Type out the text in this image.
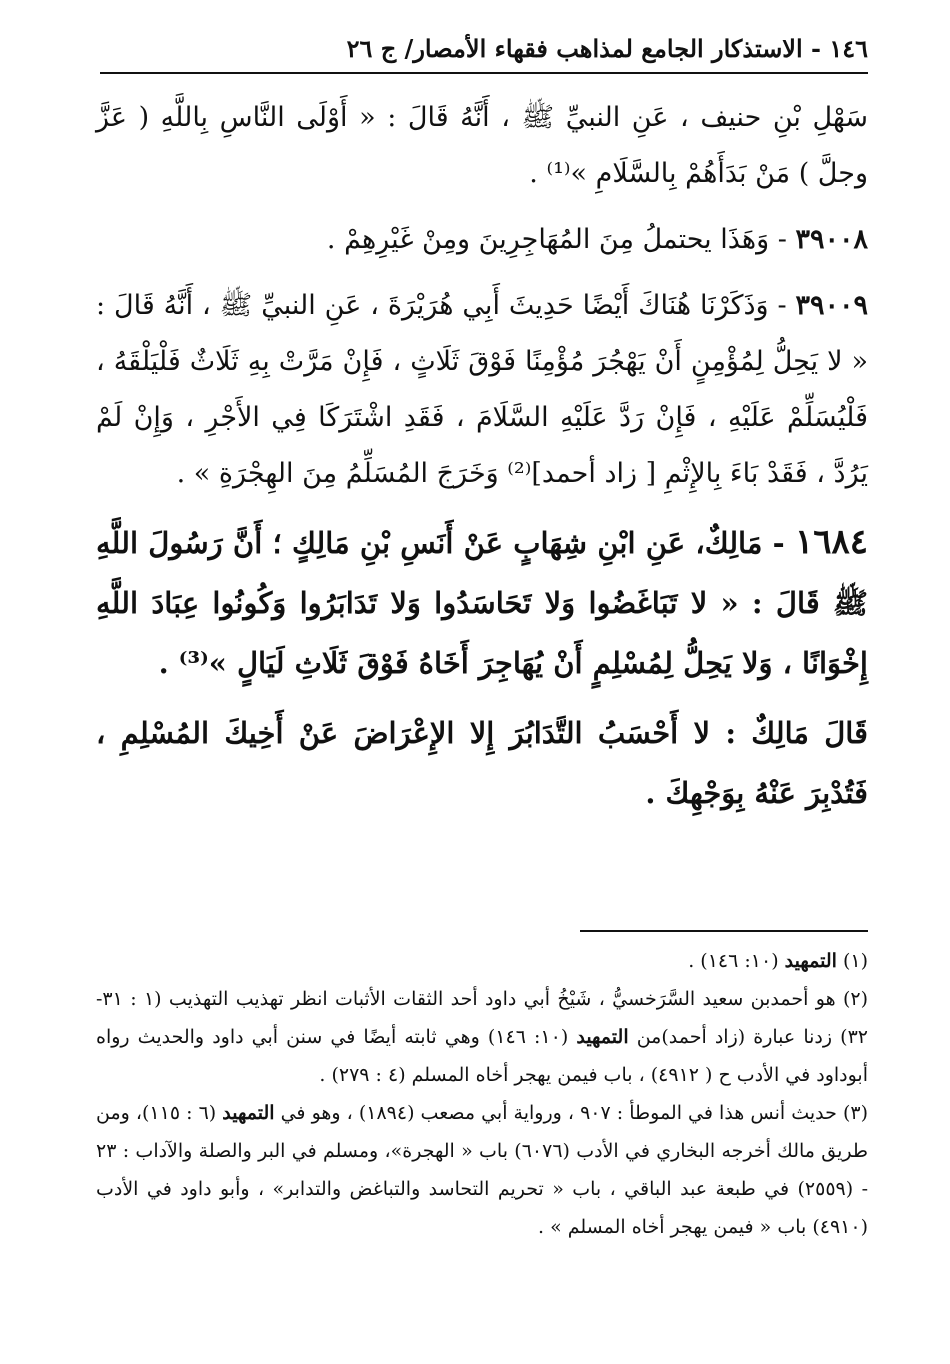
١٤٦ - الاستذكار الجامع لمذاهب فقهاء الأمصار/ ج ٢٦

سَهْلِ بْنِ حنيف ، عَنِ النبيِّ ﷺ ، أَنَّهُ قَالَ : « أَوْلَى النَّاسِ بِاللَّهِ ( عَزَّ وجلَّ ) مَنْ بَدَأَهُمْ بِالسَّلَامِ »⁽¹⁾ .

٣٩٠٠٨ - وَهَذَا يحتملُ مِنَ المُهَاجِرِينَ ومِنْ غَيْرِهِمْ .

٣٩٠٠٩ - وَذَكَرْنَا هُنَاكَ أَيْضًا حَدِيثَ أَبِي هُرَيْرَةَ ، عَنِ النبيِّ ﷺ ، أَنَّهُ قَالَ : « لا يَحِلُّ لِمُؤْمِنٍ أَنْ يَهْجُرَ مُؤْمِنًا فَوْقَ ثَلَاثٍ ، فَإِنْ مَرَّتْ بِهِ ثَلَاثٌ فَلْيَلْقَهُ ، فَلْيُسَلِّمْ عَلَيْهِ ، فَإِنْ رَدَّ عَلَيْهِ السَّلَامَ ، فَقَدِ اشْتَرَكَا فِي الأَجْرِ ، وَإِنْ لَمْ يَرُدَّ ، فَقَدْ بَاءَ بِالإِثْمِ [ زاد أحمد]⁽²⁾ وَخَرَجَ المُسَلِّمُ مِنَ الهِجْرَةِ » .

١٦٨٤ - مَالِكٌ، عَنِ ابْنِ شِهَابٍ عَنْ أَنَسِ بْنِ مَالِكٍ ؛ أَنَّ رَسُولَ اللَّهِ ﷺ قَالَ : « لا تَبَاغَضُوا وَلا تَحَاسَدُوا وَلا تَدَابَرُوا وَكُونُوا عِبَادَ اللَّهِ إِخْوَانًا ، وَلا يَحِلُّ لِمُسْلِمٍ أَنْ يُهَاجِرَ أَخَاهُ فَوْقَ ثَلَاثِ لَيَالٍ »⁽³⁾ .

قَالَ مَالِكٌ : لا أَحْسَبُ التَّدَابُرَ إِلا الإِعْرَاضَ عَنْ أَخِيكَ المُسْلِمِ ، فَتُدْبِرَ عَنْهُ بِوَجْهِكَ .

(١) التمهيد (١٠: ١٤٦) .

(٢) هو أحمدبن سعيد السَّرَخسيُّ ، شَيْخُ أبي داود أحد الثقات الأثبات انظر تهذيب التهذيب (١ : ٣١- ٣٢) زدنا عبارة (زاد أحمد)من التمهيد (١٠: ١٤٦) وهي ثابته أيضًا في سنن أبي داود والحديث رواه أبوداود في الأدب ح ( ٤٩١٢) ، باب فيمن يهجر أخاه المسلم (٤ : ٢٧٩) .

(٣) حديث أنس هذا في الموطأ : ٩٠٧ ، ورواية أبي مصعب (١٨٩٤) ، وهو في التمهيد (٦ : ١١٥)، ومن طريق مالك أخرجه البخاري في الأدب (٦٠٧٦) باب « الهجرة»، ومسلم في البر والصلة والآداب : ٢٣ - (٢٥٥٩) في طبعة عبد الباقي ، باب « تحريم التحاسد والتباغض والتدابر» ، وأبو داود في الأدب (٤٩١٠) باب « فيمن يهجر أخاه المسلم » .
